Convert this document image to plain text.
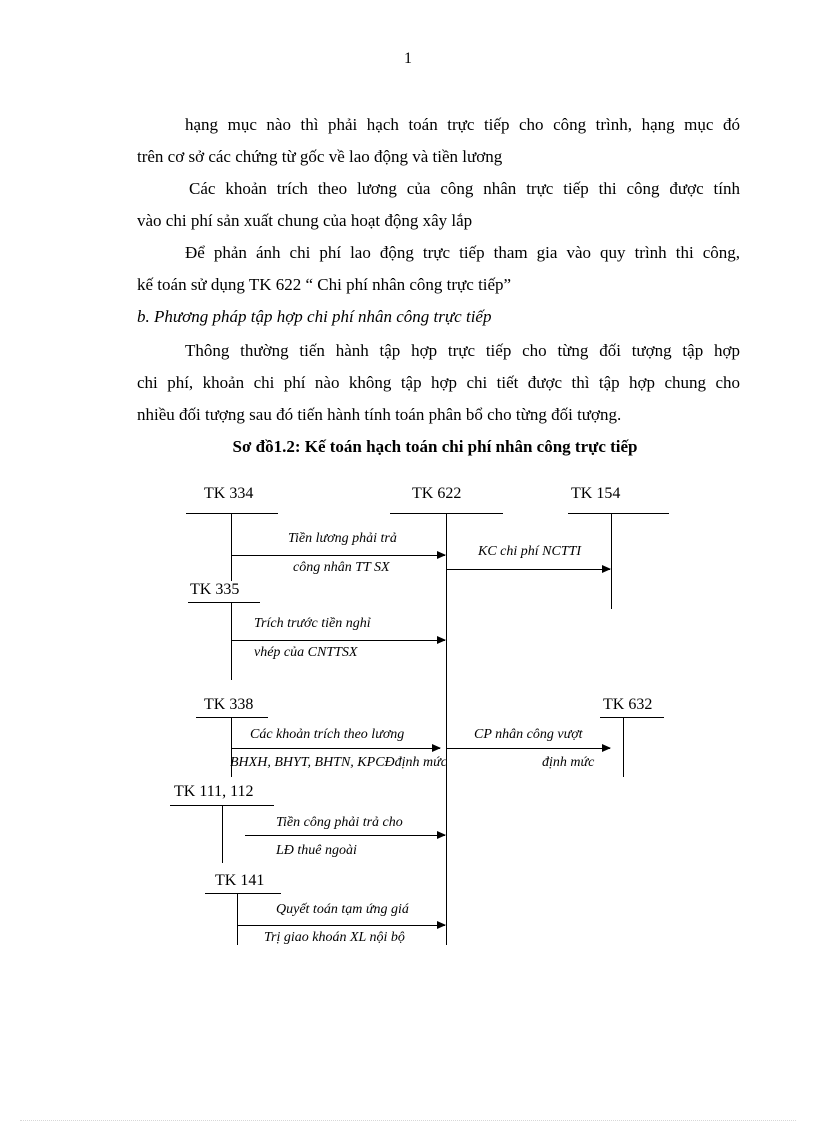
1

hạng mục nào thì phải hạch toán trực tiếp cho công trình, hạng mục đó

trên cơ sở các chứng từ gốc về lao động và tiền lương

Các khoản trích theo lương của công nhân trực tiếp thi công được tính

vào chi phí sản xuất chung của hoạt động xây lắp

Để phản ánh chi phí lao động trực tiếp tham gia vào quy trình thi công,

kế toán sử dụng TK 622 “ Chi phí nhân công trực tiếp”

b. Phương pháp tập hợp chi phí nhân công trực tiếp

Thông thường tiến hành tập hợp trực tiếp cho từng đối tượng tập hợp

chi phí, khoản chi phí nào không tập hợp chi tiết được thì tập hợp chung cho

nhiều đối tượng sau đó tiến hành tính toán phân bổ cho từng đối tượng.

Sơ đồ1.2: Kế toán hạch toán chi phí nhân công trực tiếp
TK 334	TK 622	TK 154
Tiền lương phải trả
công nhân TT SX
KC chi phí NCTTI
TK 335
Trích trước tiền nghỉ
vhép của CNTTSX
TK 338
Các khoản trích theo lương
BHXH, BHYT, BHTN, KPCĐđịnh mức
TK 632
CP nhân công vượt
định mức
TK 111, 112
Tiền công phải trả cho
LĐ thuê ngoài
TK 141
Quyết toán tạm ứng giá
Trị giao khoán XL nội bộ
